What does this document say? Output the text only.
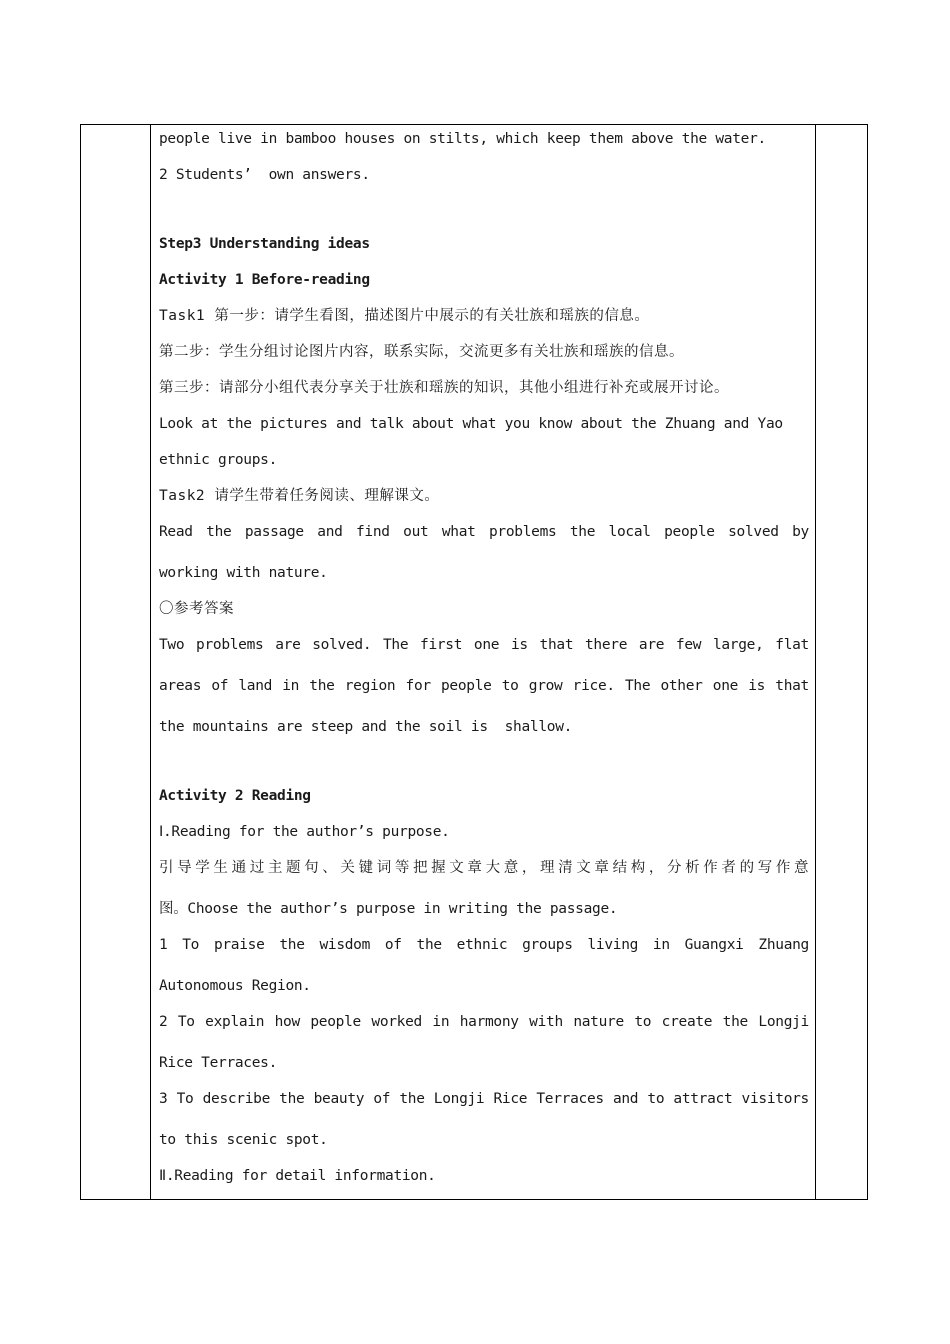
people live in bamboo houses on stilts, which keep them above the water.
2 Students’  own answers.
Step3 Understanding ideas
Activity 1 Before-reading
Task1 第一步：请学生看图，描述图片中展示的有关壮族和瑶族的信息。
第二步：学生分组讨论图片内容，联系实际，交流更多有关壮族和瑶族的信息。
第三步：请部分小组代表分享关于壮族和瑶族的知识，其他小组进行补充或展开讨论。
Look at the pictures and talk about what you know about the Zhuang and Yao
ethnic groups.
Task2 请学生带着任务阅读、理解课文。
Read the passage and find out what problems the local people solved by
working with nature.
〇参考答案
Two problems are solved. The first one is that there are few large, flat
areas of land in the region for people to grow rice. The other one is that
the mountains are steep and the soil is  shallow.
Activity 2 Reading
Ⅰ.Reading for the author’s purpose.
引导学生通过主题句、关键词等把握文章大意，理清文章结构，分析作者的写作意
图。Choose the author’s purpose in writing the passage.
1 To praise the wisdom of the ethnic groups living in Guangxi Zhuang
Autonomous Region.
2 To explain how people worked in harmony with nature to create the Longji
Rice Terraces.
3 To describe the beauty of the Longji Rice Terraces and to attract visitors
to this scenic spot.
Ⅱ.Reading for detail information.
